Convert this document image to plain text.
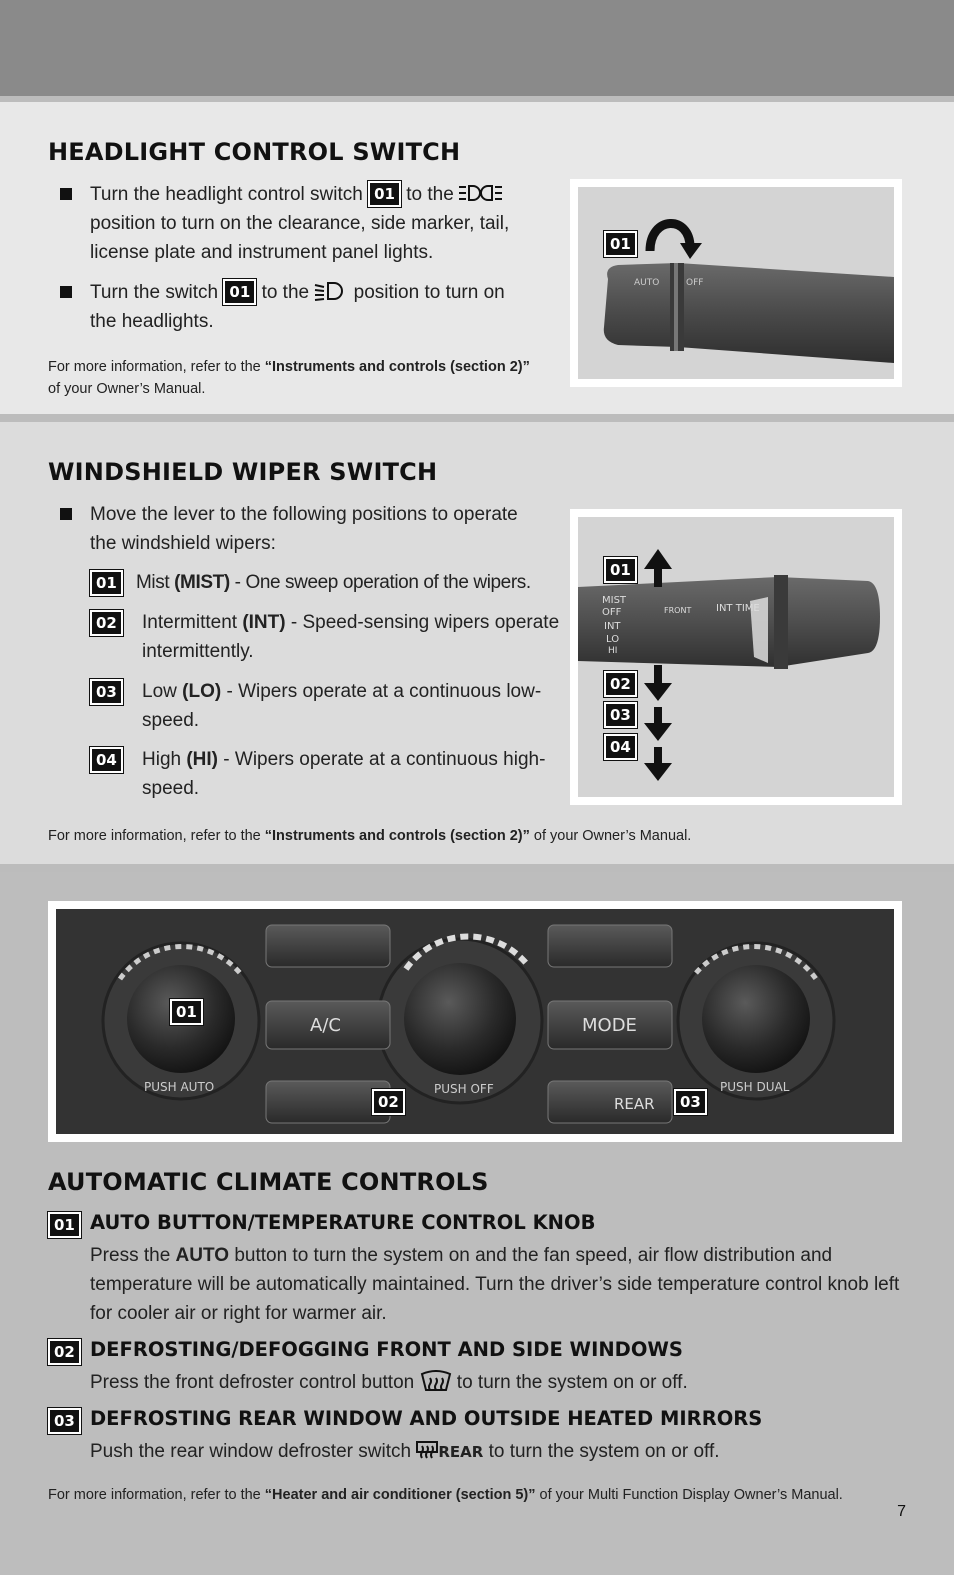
HEADLIGHT CONTROL SWITCH
Turn the headlight control switch 01 to the  position to turn on the clearance, side marker, tail, license plate and instrument panel lights.
Turn the switch 01 to the position to turn on the headlights.
For more information, refer to the “Instruments and controls (section 2)”
of your Owner’s Manual.
AUTO	OFF
01
WINDSHIELD WIPER SWITCH
Move the lever to the following positions to operate the windshield wipers:
01	Mist (MIST) - One sweep operation of the wipers.
02	Intermittent (INT) - Speed-sensing wipers operate intermittently.
03	Low (LO) - Wipers operate at a continuous low-speed.
04	High (HI) - Wipers operate at a continuous high-speed.
For more information, refer to the “Instruments and controls (section 2)” of your Owner’s Manual.
MIST
OFF
INT
LO
HI
FRONT INT TIME
01
02
03
04
A/C	MODE
REAR
PUSH AUTO	PUSH OFF	PUSH DUAL
01
02	03
AUTOMATIC CLIMATE CONTROLS
01 AUTO BUTTON/TEMPERATURE CONTROL KNOB
Press the AUTO button to turn the system on and the fan speed, air flow distribution and temperature will be automatically maintained. Turn the driver’s side temperature control knob left for cooler air or right for warmer air.
02 DEFROSTING/DEFOGGING FRONT AND SIDE WINDOWS
Press the front defroster control button to turn the system on or off.
03 DEFROSTING REAR WINDOW AND OUTSIDE HEATED MIRRORS
Push the rear window defroster switch REAR to turn the system on or off.
For more information, refer to the “Heater and air conditioner (section 5)” of your Multi Function Display Owner’s Manual.
7
